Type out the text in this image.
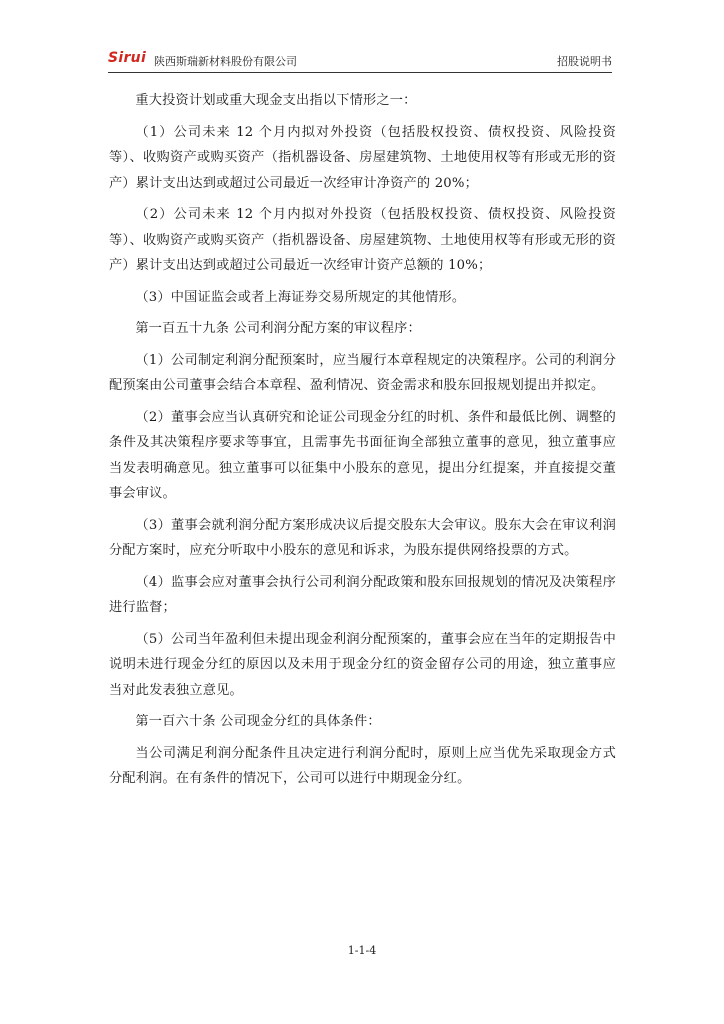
Sirui 陕西斯瑞新材料股份有限公司	招股说明书

重大投资计划或重大现金支出指以下情形之一：

（1）公司未来 12 个月内拟对外投资（包括股权投资、债权投资、风险投资等）、收购资产或购买资产（指机器设备、房屋建筑物、土地使用权等有形或无形的资产）累计支出达到或超过公司最近一次经审计净资产的 20%；

（2）公司未来 12 个月内拟对外投资（包括股权投资、债权投资、风险投资等）、收购资产或购买资产（指机器设备、房屋建筑物、土地使用权等有形或无形的资产）累计支出达到或超过公司最近一次经审计资产总额的 10%；

（3）中国证监会或者上海证券交易所规定的其他情形。

第一百五十九条 公司利润分配方案的审议程序：

（1）公司制定利润分配预案时，应当履行本章程规定的决策程序。公司的利润分配预案由公司董事会结合本章程、盈利情况、资金需求和股东回报规划提出并拟定。

（2）董事会应当认真研究和论证公司现金分红的时机、条件和最低比例、调整的条件及其决策程序要求等事宜，且需事先书面征询全部独立董事的意见，独立董事应当发表明确意见。独立董事可以征集中小股东的意见，提出分红提案，并直接提交董事会审议。

（3）董事会就利润分配方案形成决议后提交股东大会审议。股东大会在审议利润分配方案时，应充分听取中小股东的意见和诉求，为股东提供网络投票的方式。

（4）监事会应对董事会执行公司利润分配政策和股东回报规划的情况及决策程序进行监督；

（5）公司当年盈利但未提出现金利润分配预案的，董事会应在当年的定期报告中说明未进行现金分红的原因以及未用于现金分红的资金留存公司的用途，独立董事应当对此发表独立意见。

第一百六十条 公司现金分红的具体条件：

当公司满足利润分配条件且决定进行利润分配时，原则上应当优先采取现金方式分配利润。在有条件的情况下，公司可以进行中期现金分红。

1-1-4
